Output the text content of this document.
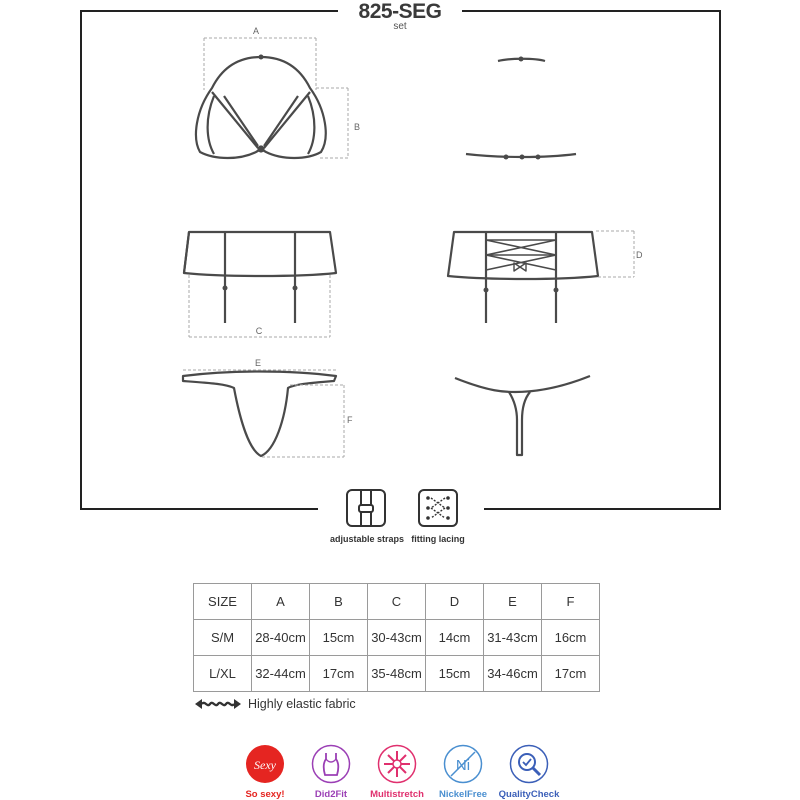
A
B
C
D
E
F
825-SEG
set
adjustable straps fitting lacing
SIZE	A	B	C	D	E	F
S/M	28-40cm	15cm	30-43cm	14cm	31-43cm	16cm
L/XL	32-44cm	17cm	35-48cm	15cm	34-46cm	17cm
Highly elastic fabric
Sexy	Ni
So sexy!	Did2Fit	Multistretch	NickelFree	QualityCheck
